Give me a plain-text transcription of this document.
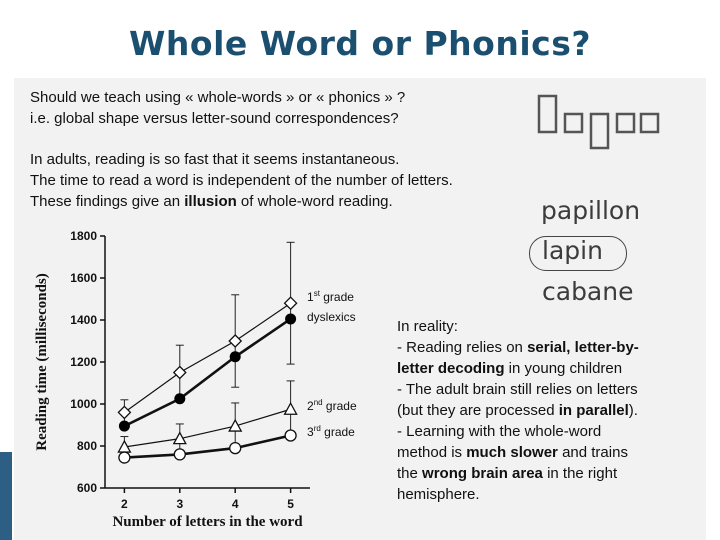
Whole Word or Phonics?
Should we teach using « whole-words » or « phonics » ?
i.e. global shape versus letter-sound correspondences?
In adults, reading is so fast that it seems instantaneous.
The time to read a word is independent of the number of letters.
These findings give an illusion of whole-word reading.	papillon
lapin
cabane
In reality:
- Reading relies on serial, letter-by-
letter decoding in young children
- The adult brain still relies on letters
(but they are processed in parallel).
- Learning with the whole-word
method is much slower and trains
the wrong brain area in the right
hemisphere.
600
800
1000
1200
1400
1600
1800
2	3	4	5
Number of letters in the word
Reading time (milliseconds)	1st grade
dyslexics
2nd grade
3rd grade
